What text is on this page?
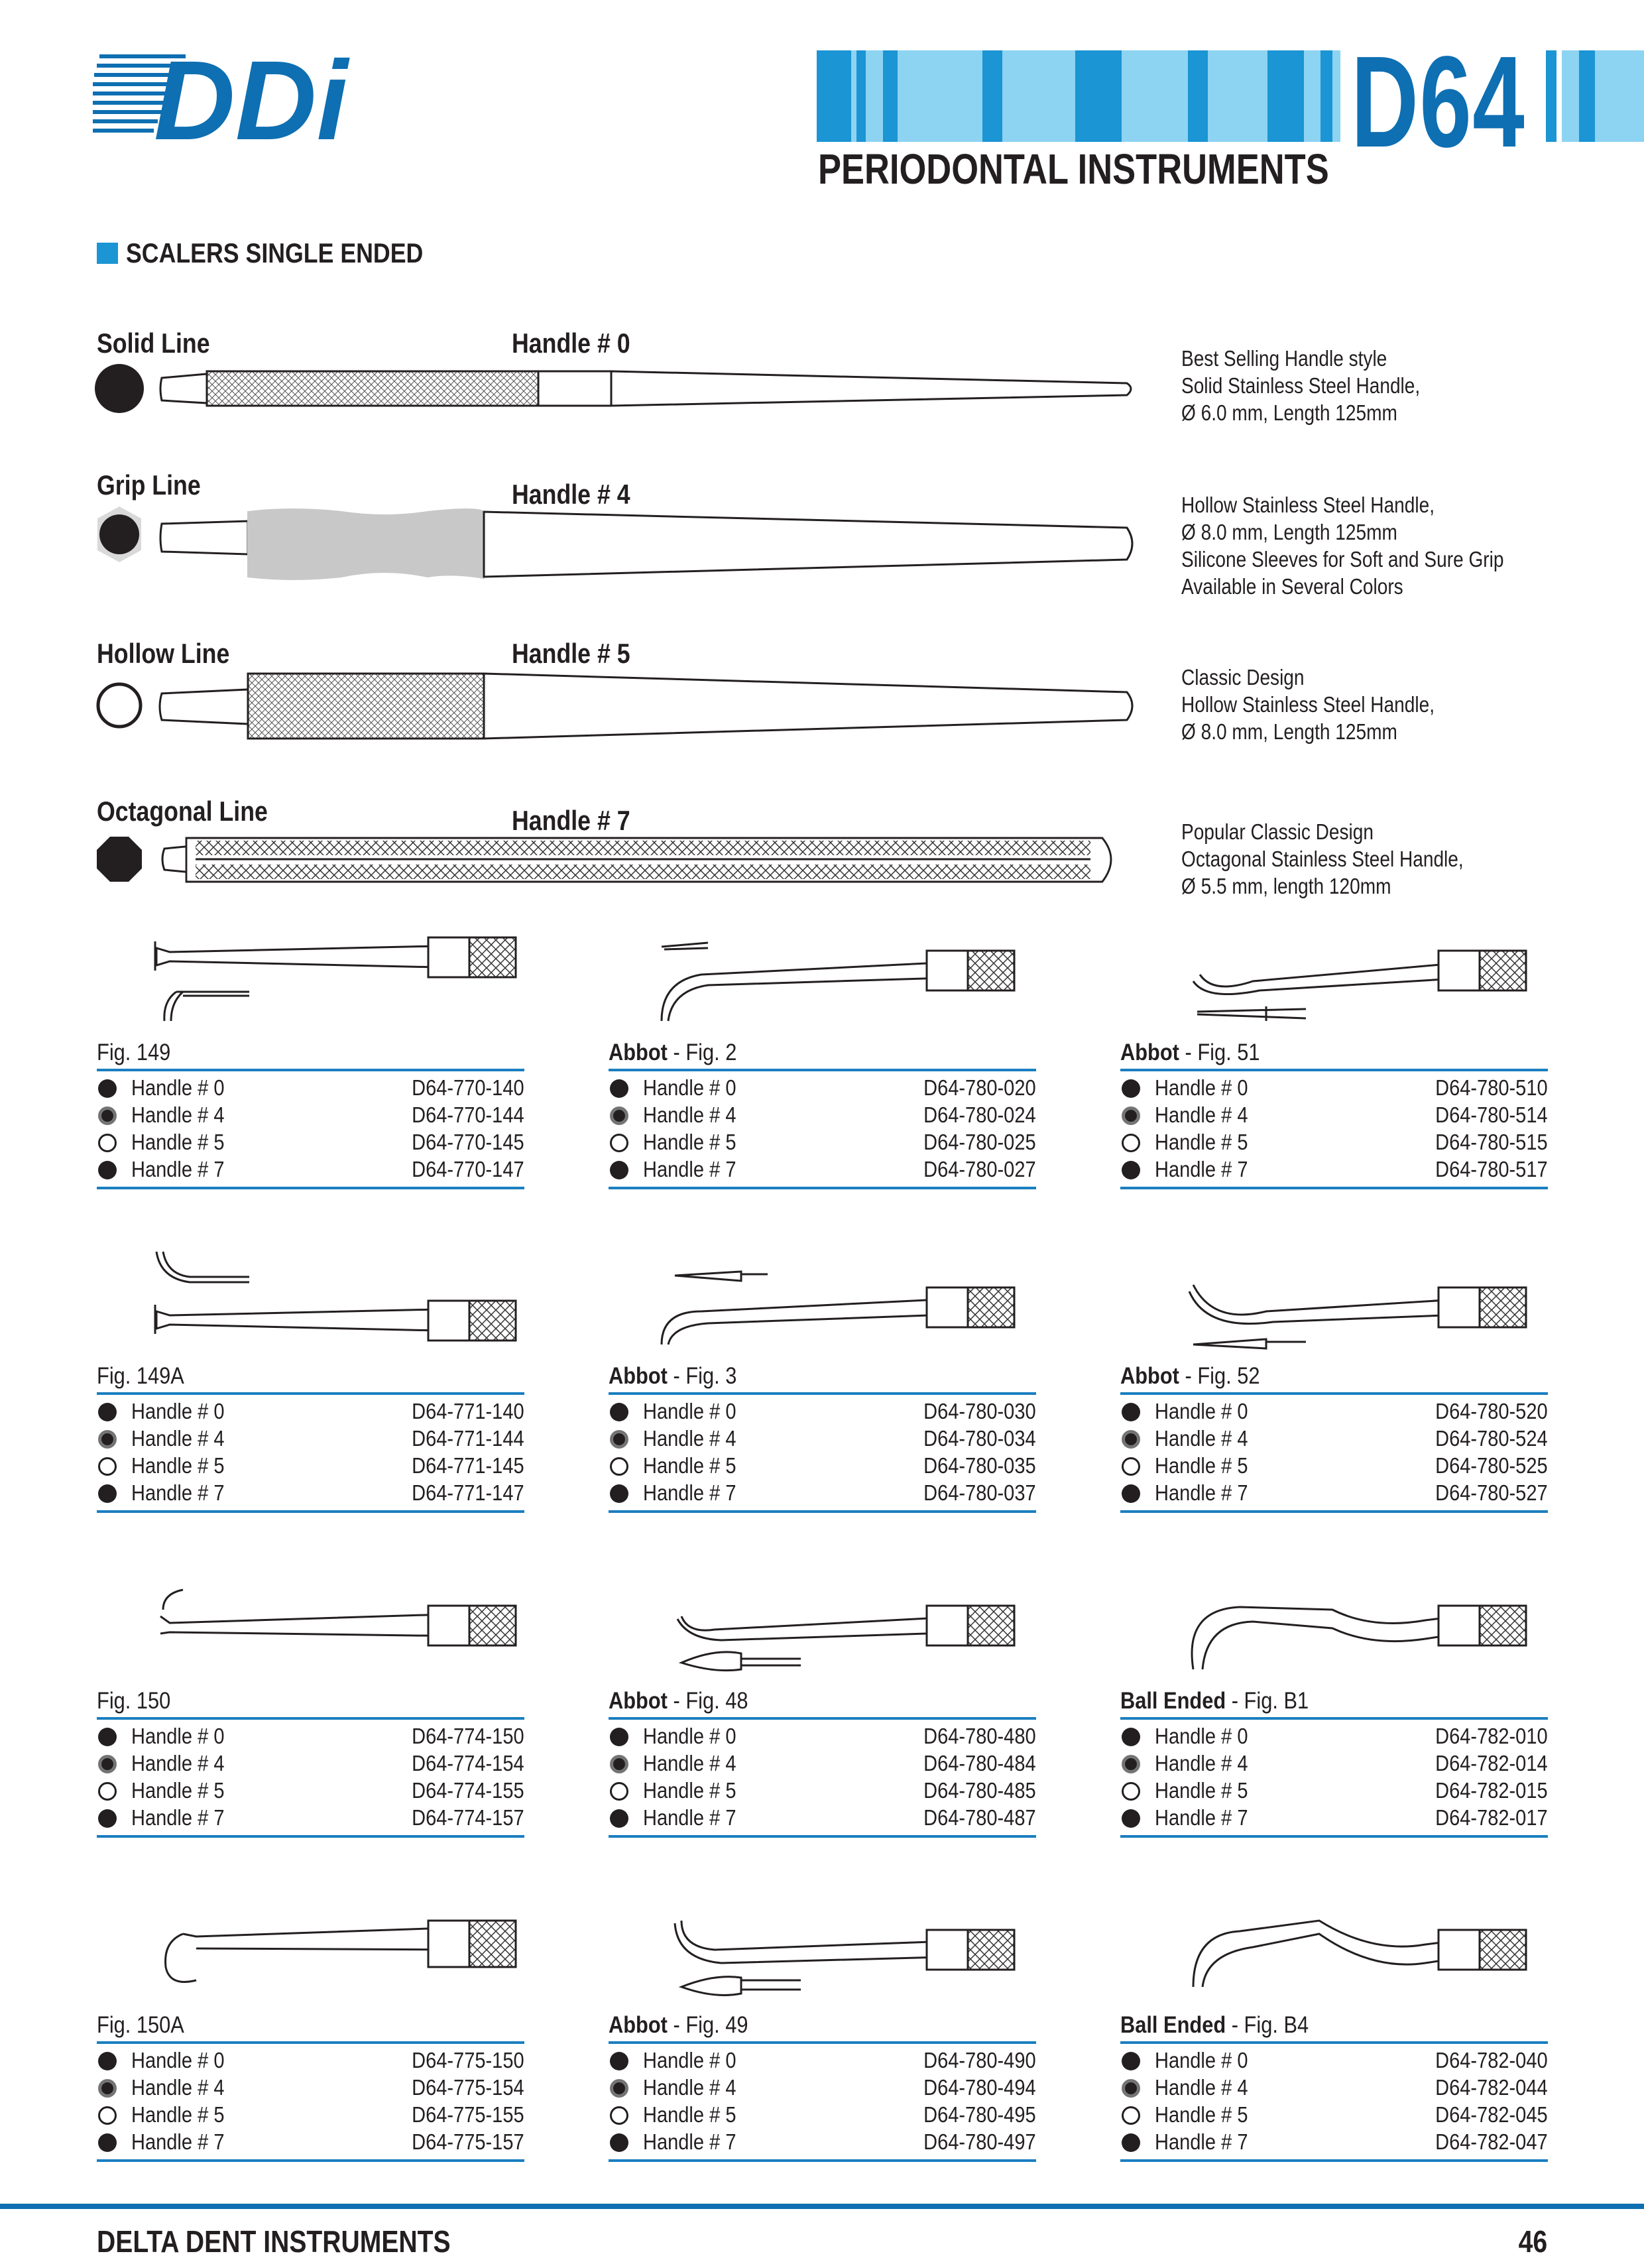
DDi	D64
PERIODONTAL INSTRUMENTS
SCALERS SINGLE ENDED
Solid Line	Handle # 0	Best Selling Handle style
Solid Stainless Steel Handle,
Ø 6.0 mm, Length 125mm
Grip Line	Handle # 4	Hollow Stainless Steel Handle,
Ø 8.0 mm, Length 125mm
Silicone Sleeves for Soft and Sure Grip
Available in Several Colors
Hollow Line	Handle # 5
Classic Design
Hollow Stainless Steel Handle,
Ø 8.0 mm, Length 125mm
Octagonal Line	Handle # 7	Popular Classic Design
Octagonal Stainless Steel Handle,
Ø 5.5 mm, length 120mm
Fig. 149
Handle # 0	D64-770-140
Handle # 4	D64-770-144
Handle # 5	D64-770-145
Handle # 7	D64-770-147
Abbot - Fig. 2
Handle # 0	D64-780-020
Handle # 4	D64-780-024
Handle # 5	D64-780-025
Handle # 7	D64-780-027
Abbot - Fig. 51
Handle # 0	D64-780-510
Handle # 4	D64-780-514
Handle # 5	D64-780-515
Handle # 7	D64-780-517
Fig. 149A
Handle # 0	D64-771-140
Handle # 4	D64-771-144
Handle # 5	D64-771-145
Handle # 7	D64-771-147
Abbot - Fig. 3
Handle # 0	D64-780-030
Handle # 4	D64-780-034
Handle # 5	D64-780-035
Handle # 7	D64-780-037
Abbot - Fig. 52
Handle # 0	D64-780-520
Handle # 4	D64-780-524
Handle # 5	D64-780-525
Handle # 7	D64-780-527
Fig. 150
Handle # 0	D64-774-150
Handle # 4	D64-774-154
Handle # 5	D64-774-155
Handle # 7	D64-774-157
Abbot - Fig. 48
Handle # 0	D64-780-480
Handle # 4	D64-780-484
Handle # 5	D64-780-485
Handle # 7	D64-780-487
Ball Ended - Fig. B1
Handle # 0	D64-782-010
Handle # 4	D64-782-014
Handle # 5	D64-782-015
Handle # 7	D64-782-017
Fig. 150A
Handle # 0	D64-775-150
Handle # 4	D64-775-154
Handle # 5	D64-775-155
Handle # 7	D64-775-157
Abbot - Fig. 49
Handle # 0	D64-780-490
Handle # 4	D64-780-494
Handle # 5	D64-780-495
Handle # 7	D64-780-497
Ball Ended - Fig. B4
Handle # 0	D64-782-040
Handle # 4	D64-782-044
Handle # 5	D64-782-045
Handle # 7	D64-782-047
DELTA DENT INSTRUMENTS	46
